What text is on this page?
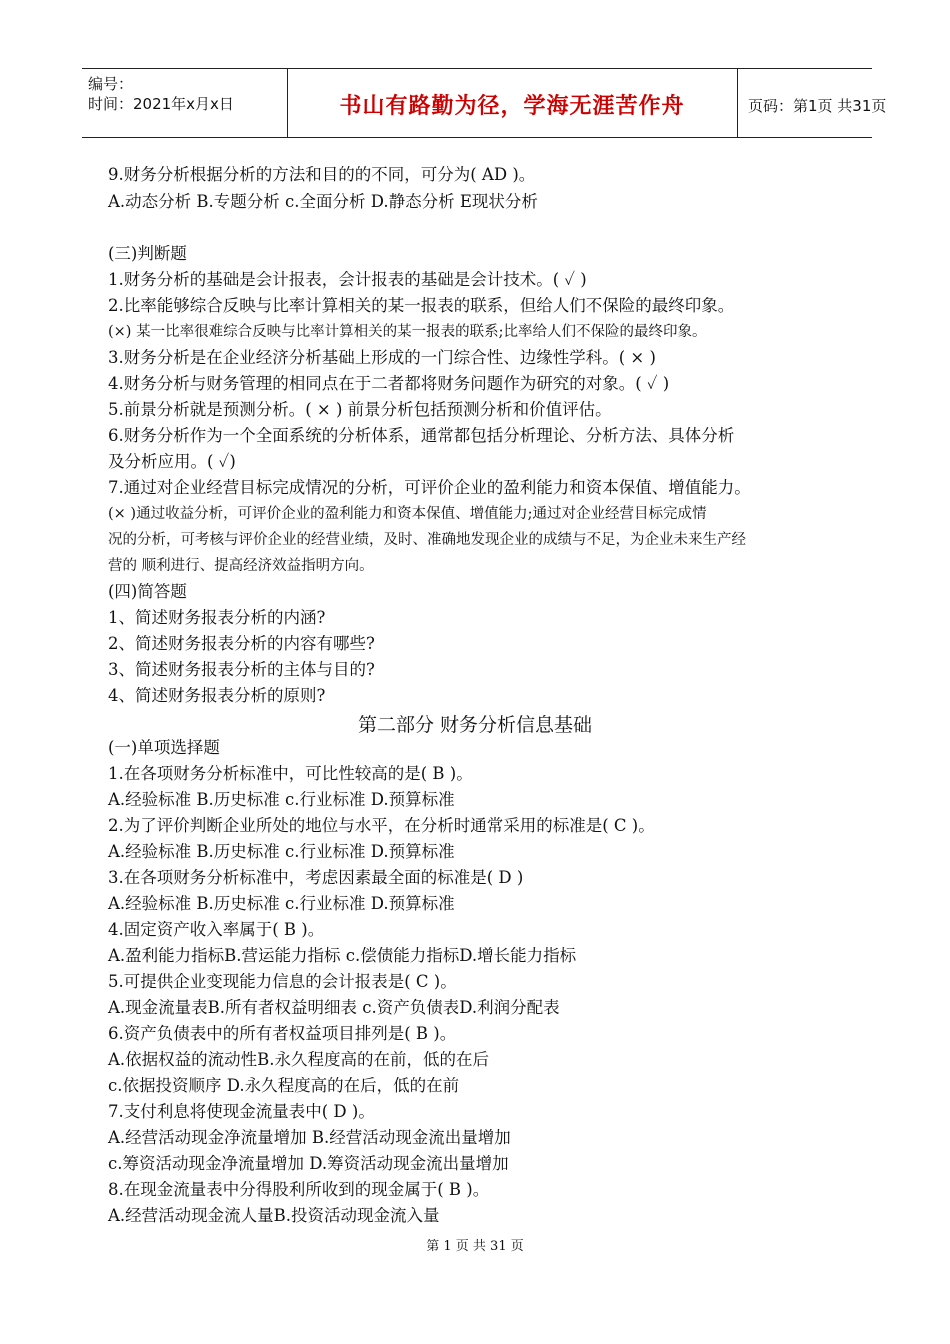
编号：
时间：2021年x月x日	书山有路勤为径，学海无涯苦作舟	页码：第1页 共31页
9.财务分析根据分析的方法和目的的不同，可分为( AD )。
A.动态分析 B.专题分析 c.全面分析 D.静态分析 E现状分析
(三)判断题
1.财务分析的基础是会计报表，会计报表的基础是会计技术。( ✓ )
2.比率能够综合反映与比率计算相关的某一报表的联系，但给人们不保险的最终印象。
(×) 某一比率很难综合反映与比率计算相关的某一报表的联系;比率给人们不保险的最终印象。
3.财务分析是在企业经济分析基础上形成的一门综合性、边缘性学科。( × )
4.财务分析与财务管理的相同点在于二者都将财务问题作为研究的对象。( ✓ )
5.前景分析就是预测分析。( × ) 前景分析包括预测分析和价值评估。
6.财务分析作为一个全面系统的分析体系，通常都包括分析理论、分析方法、具体分析
及分析应用。( ✓)
7.通过对企业经营目标完成情况的分析，可评价企业的盈利能力和资本保值、增值能力。
(× )通过收益分析，可评价企业的盈利能力和资本保值、增值能力;通过对企业经营目标完成情
况的分析，可考核与评价企业的经营业绩，及时、准确地发现企业的成绩与不足，为企业未来生产经
营的 顺利进行、提高经济效益指明方向。
(四)简答题
1、简述财务报表分析的内涵?
2、简述财务报表分析的内容有哪些?
3、简述财务报表分析的主体与目的?
4、简述财务报表分析的原则?
第二部分 财务分析信息基础
(一)单项选择题
1.在各项财务分析标准中，可比性较高的是( B )。
A.经验标准 B.历史标准 c.行业标准 D.预算标准
2.为了评价判断企业所处的地位与水平，在分析时通常采用的标准是( C )。
A.经验标准 B.历史标准 c.行业标准 D.预算标准
3.在各项财务分析标准中，考虑因素最全面的标准是( D )
A.经验标准 B.历史标准 c.行业标准 D.预算标准
4.固定资产收入率属于( B )。
A.盈利能力指标B.营运能力指标 c.偿债能力指标D.增长能力指标
5.可提供企业变现能力信息的会计报表是( C )。
A.现金流量表B.所有者权益明细表 c.资产负债表D.利润分配表
6.资产负债表中的所有者权益项目排列是( B )。
A.依据权益的流动性B.永久程度高的在前，低的在后
c.依据投资顺序 D.永久程度高的在后，低的在前
7.支付利息将使现金流量表中( D )。
A.经营活动现金净流量增加 B.经营活动现金流出量增加
c.筹资活动现金净流量增加 D.筹资活动现金流出量增加
8.在现金流量表中分得股利所收到的现金属于( B )。
A.经营活动现金流人量B.投资活动现金流入量
第 1 页 共 31 页
